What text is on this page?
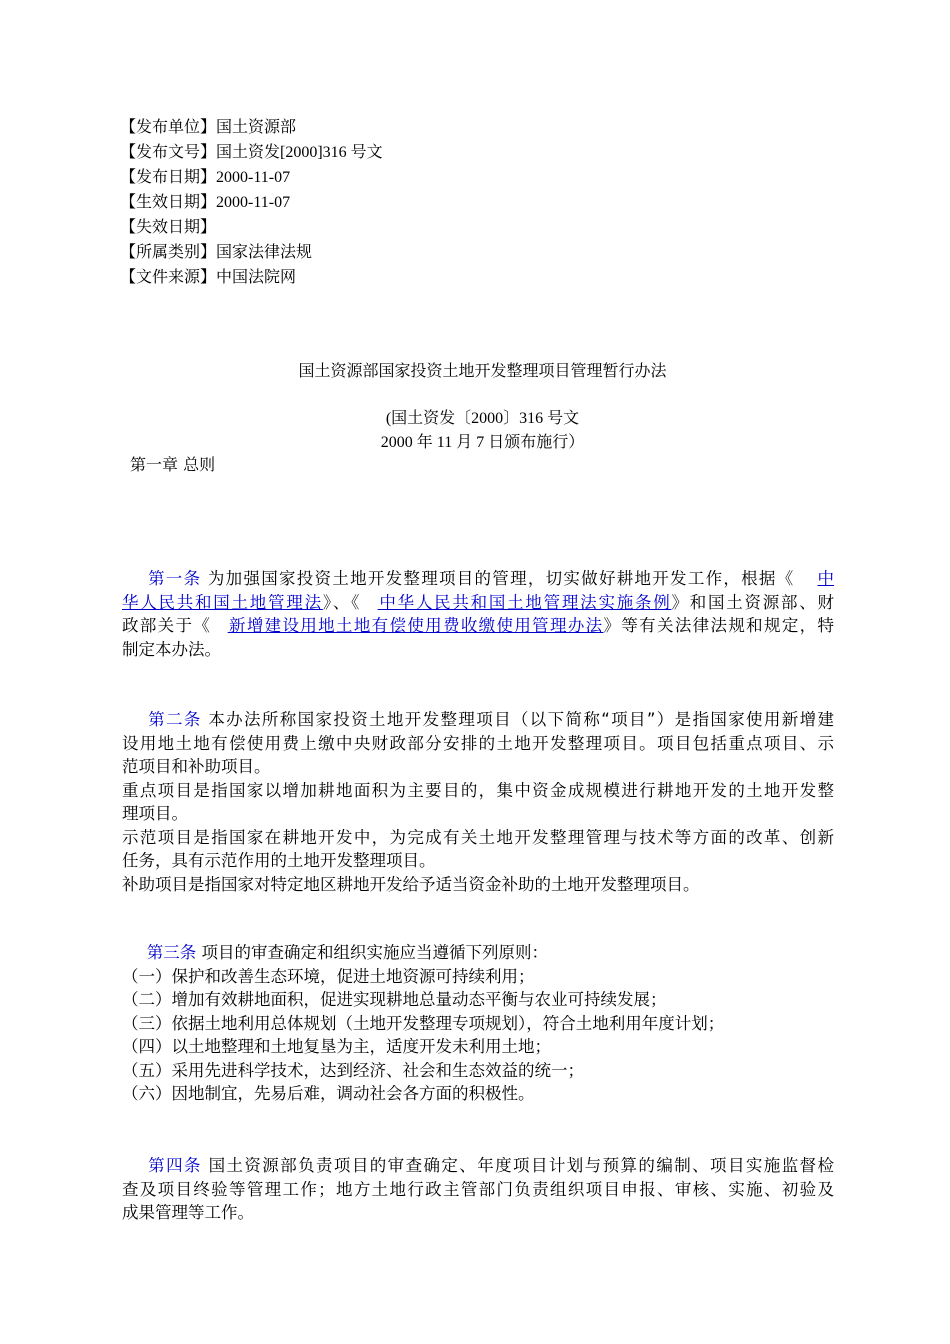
【发布单位】国土资源部
【发布文号】国土资发[2000]316 号文
【发布日期】2000-11-07
【生效日期】2000-11-07
【失效日期】
【所属类别】国家法律法规
【文件来源】中国法院网
国土资源部国家投资土地开发整理项目管理暂行办法
(国土资发〔2000〕316 号文
2000 年 11 月 7 日颁布施行）
第一章 总则
  第一条 为加强国家投资土地开发整理项目的管理，切实做好耕地开发工作，根据《  中
华人民共和国土地管理法》、《  中华人民共和国土地管理法实施条例》和国土资源部、财
政部关于《  新增建设用地土地有偿使用费收缴使用管理办法》等有关法律法规和规定，特
制定本办法。
  第二条 本办法所称国家投资土地开发整理项目（以下简称“项目”）是指国家使用新增建
设用地土地有偿使用费上缴中央财政部分安排的土地开发整理项目。项目包括重点项目、示
范项目和补助项目。
重点项目是指国家以增加耕地面积为主要目的，集中资金成规模进行耕地开发的土地开发整
理项目。
示范项目是指国家在耕地开发中，为完成有关土地开发整理管理与技术等方面的改革、创新
任务，具有示范作用的土地开发整理项目。
补助项目是指国家对特定地区耕地开发给予适当资金补助的土地开发整理项目。
  第三条 项目的审查确定和组织实施应当遵循下列原则：
（一）保护和改善生态环境，促进土地资源可持续利用；
（二）增加有效耕地面积，促进实现耕地总量动态平衡与农业可持续发展；
（三）依据土地利用总体规划（土地开发整理专项规划），符合土地利用年度计划；
（四）以土地整理和土地复垦为主，适度开发未利用土地；
（五）采用先进科学技术，达到经济、社会和生态效益的统一；
（六）因地制宜，先易后难，调动社会各方面的积极性。
  第四条 国土资源部负责项目的审查确定、年度项目计划与预算的编制、项目实施监督检
查及项目终验等管理工作；地方土地行政主管部门负责组织项目申报、审核、实施、初验及
成果管理等工作。
